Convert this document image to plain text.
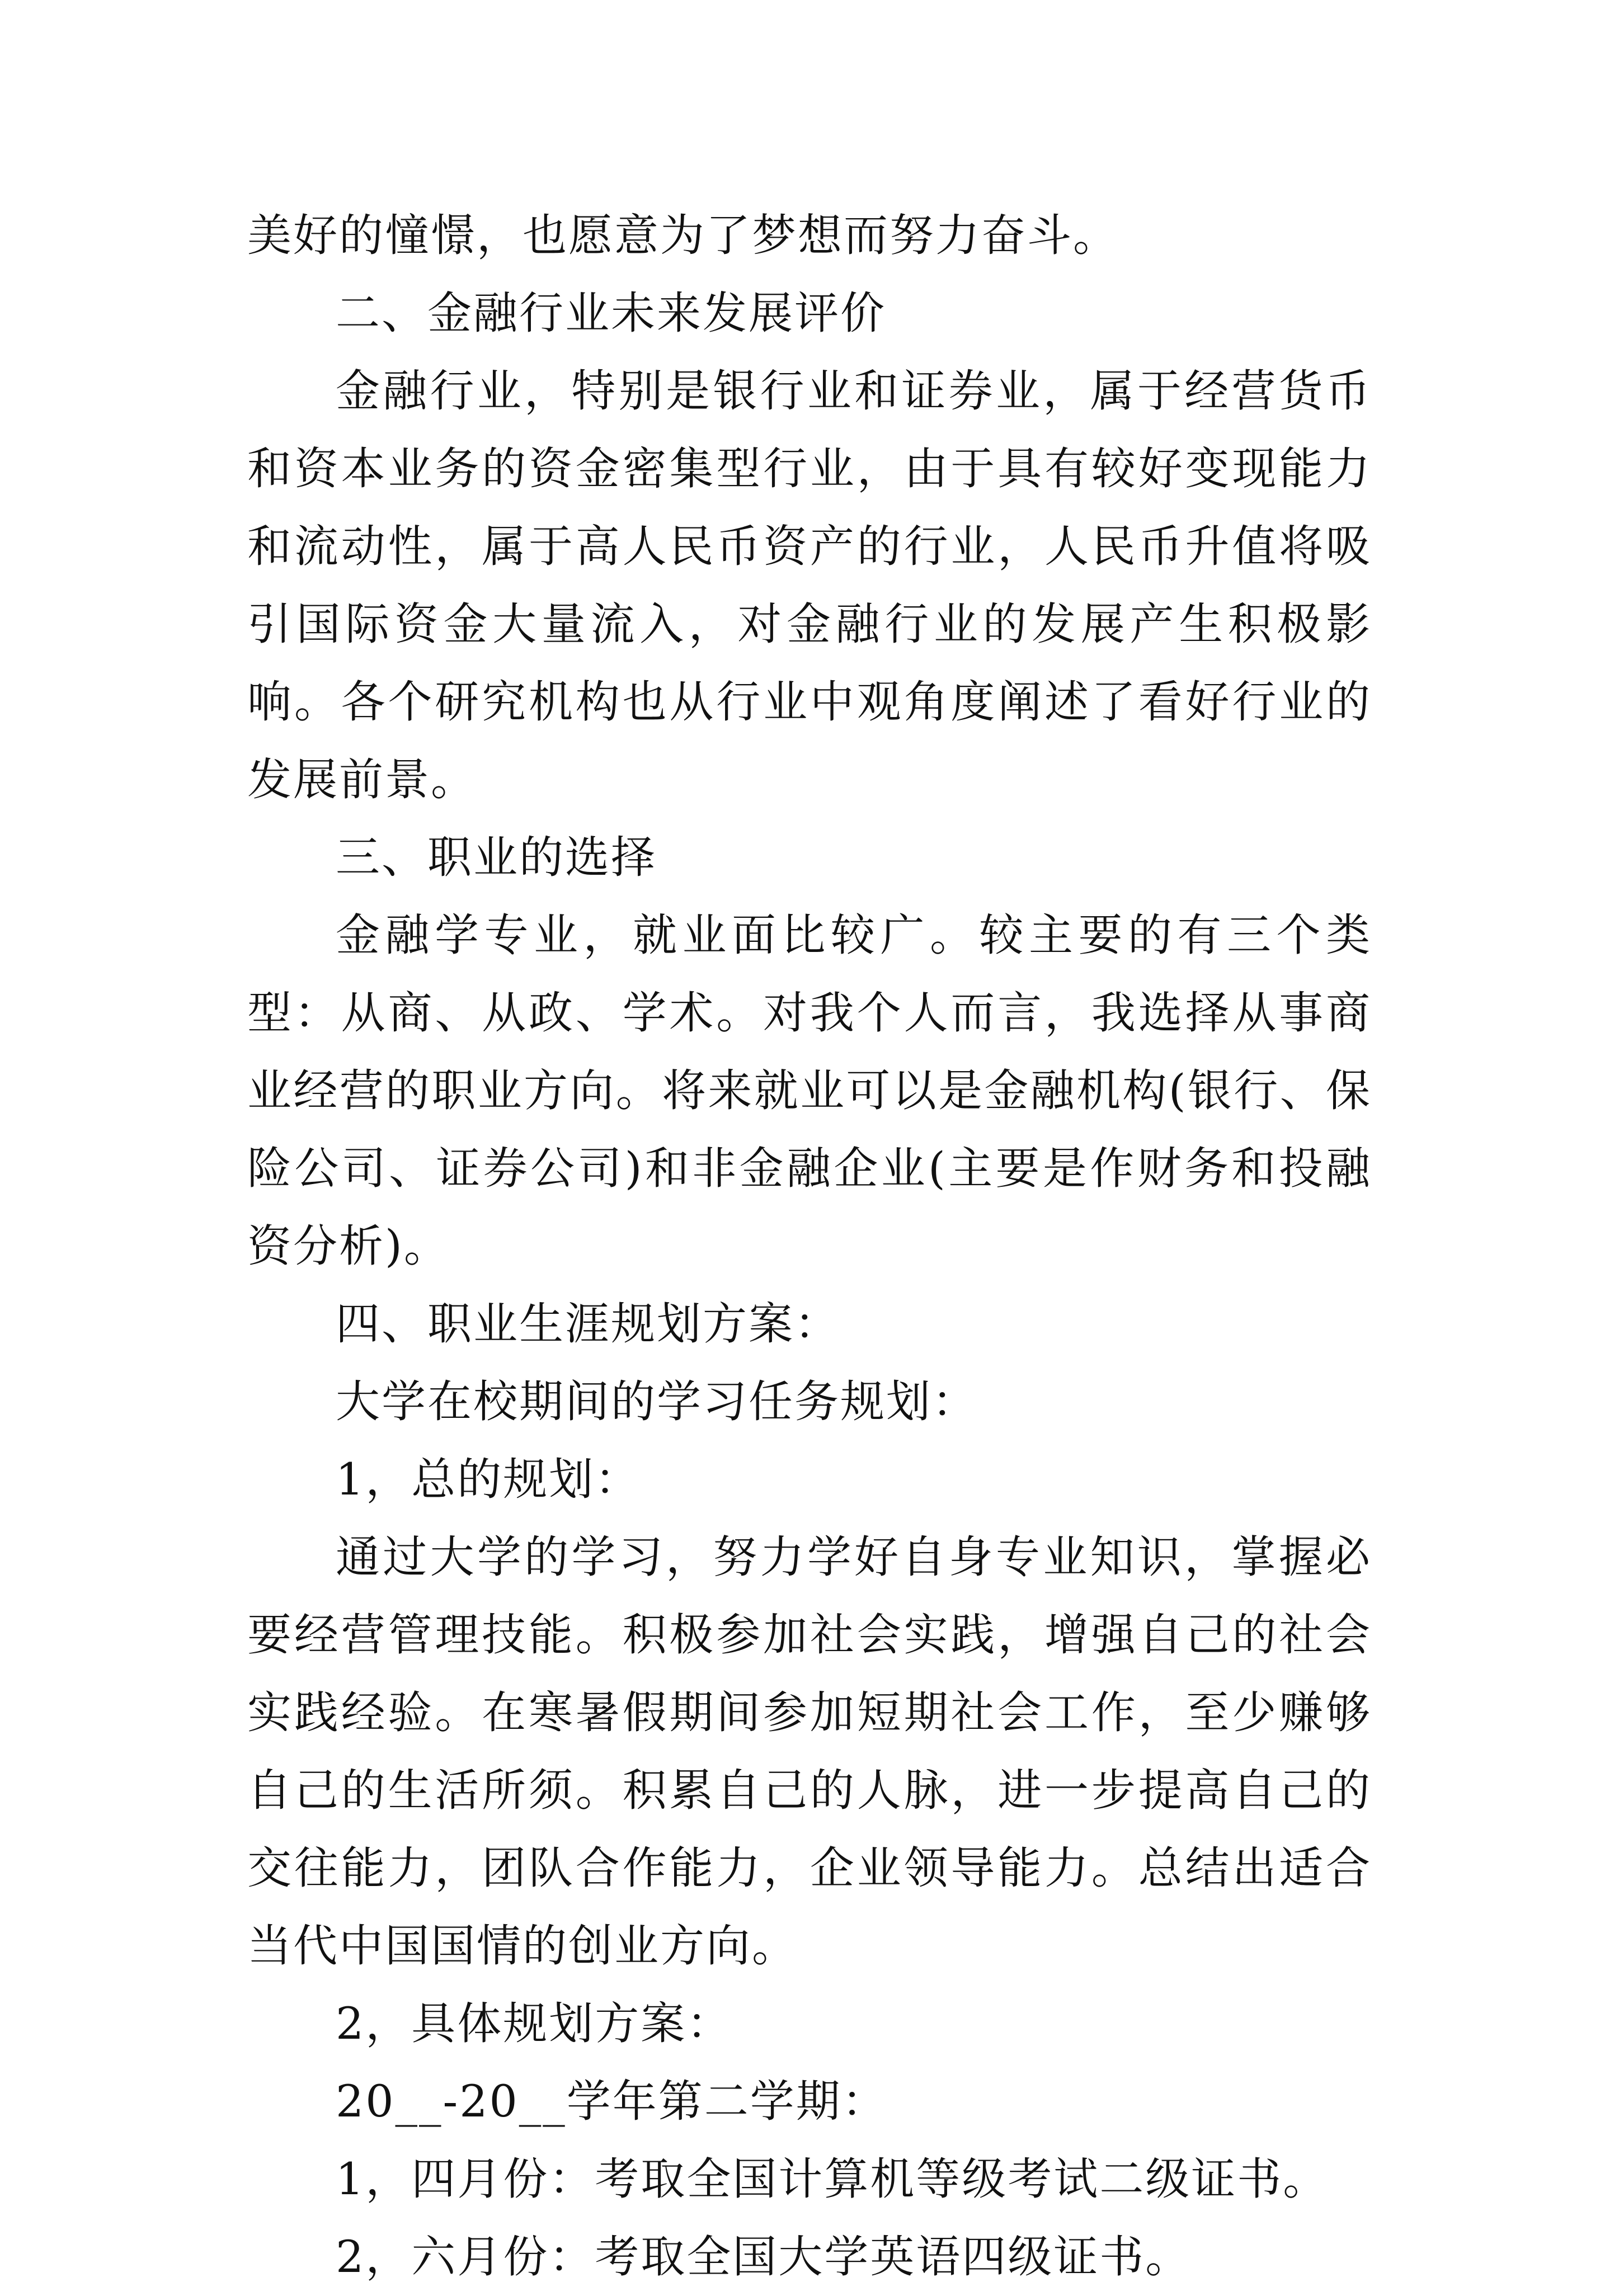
美好的憧憬，也愿意为了梦想而努力奋斗。

二、金融行业未来发展评价

金融行业，特别是银行业和证券业，属于经营货币和资本业务的资金密集型行业，由于具有较好变现能力和流动性，属于高人民币资产的行业，人民币升值将吸引国际资金大量流入，对金融行业的发展产生积极影响。各个研究机构也从行业中观角度阐述了看好行业的发展前景。

三、职业的选择

金融学专业，就业面比较广。较主要的有三个类型：从商、从政、学术。对我个人而言，我选择从事商业经营的职业方向。将来就业可以是金融机构(银行、保险公司、证券公司)和非金融企业(主要是作财务和投融资分析)。

四、职业生涯规划方案：

大学在校期间的学习任务规划：

1，总的规划：

通过大学的学习，努力学好自身专业知识，掌握必要经营管理技能。积极参加社会实践，增强自己的社会实践经验。在寒暑假期间参加短期社会工作，至少赚够自己的生活所须。积累自己的人脉，进一步提高自己的交往能力，团队合作能力，企业领导能力。总结出适合当代中国国情的创业方向。

2，具体规划方案：

20__-20__学年第二学期：

1，四月份：考取全国计算机等级考试二级证书。

2，六月份：考取全国大学英语四级证书。
